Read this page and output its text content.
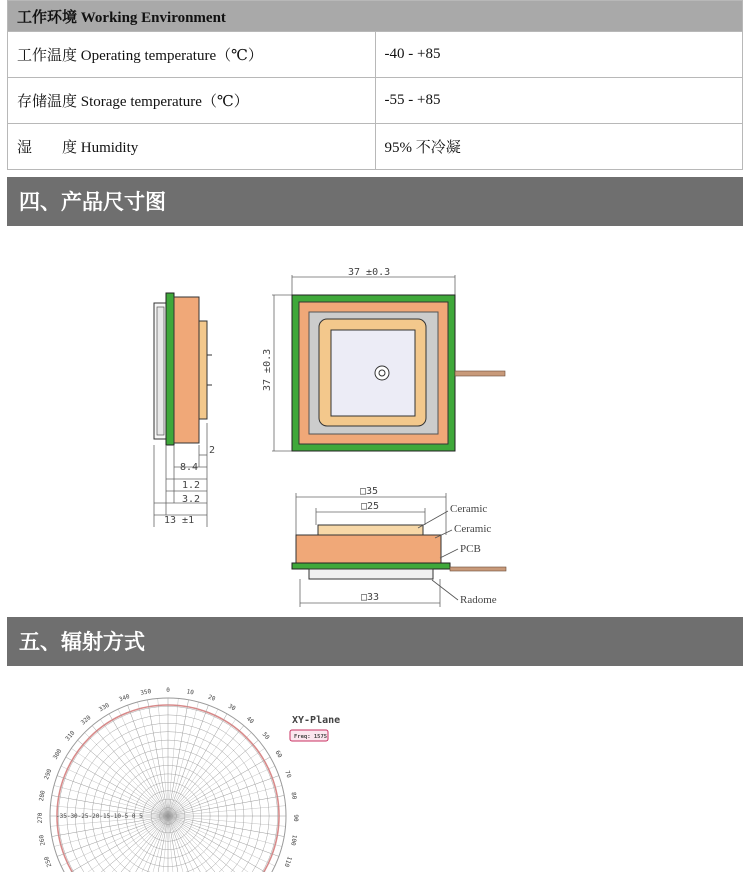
工作环境 Working Environment	
工作温度 Operating temperature（℃）	-40 - +85
存储温度 Storage temperature（℃）	-55 - +85
湿　　度 Humidity	95% 不冷凝
四、产品尺寸图
2
8.4
1.2
3.2
13 ±1
37 ±0.3
37 ±0.3
□35
□25
□33
Ceramic
Ceramic
PCB
Radome
五、辐射方式
0	10
20
30
40
50
60
70
80
90
100
110
250
260
270
280
290
300
310
320
330
340
350
-35-30-25-20-15-10-5 0 5
XY-Plane
Freq: 1575
